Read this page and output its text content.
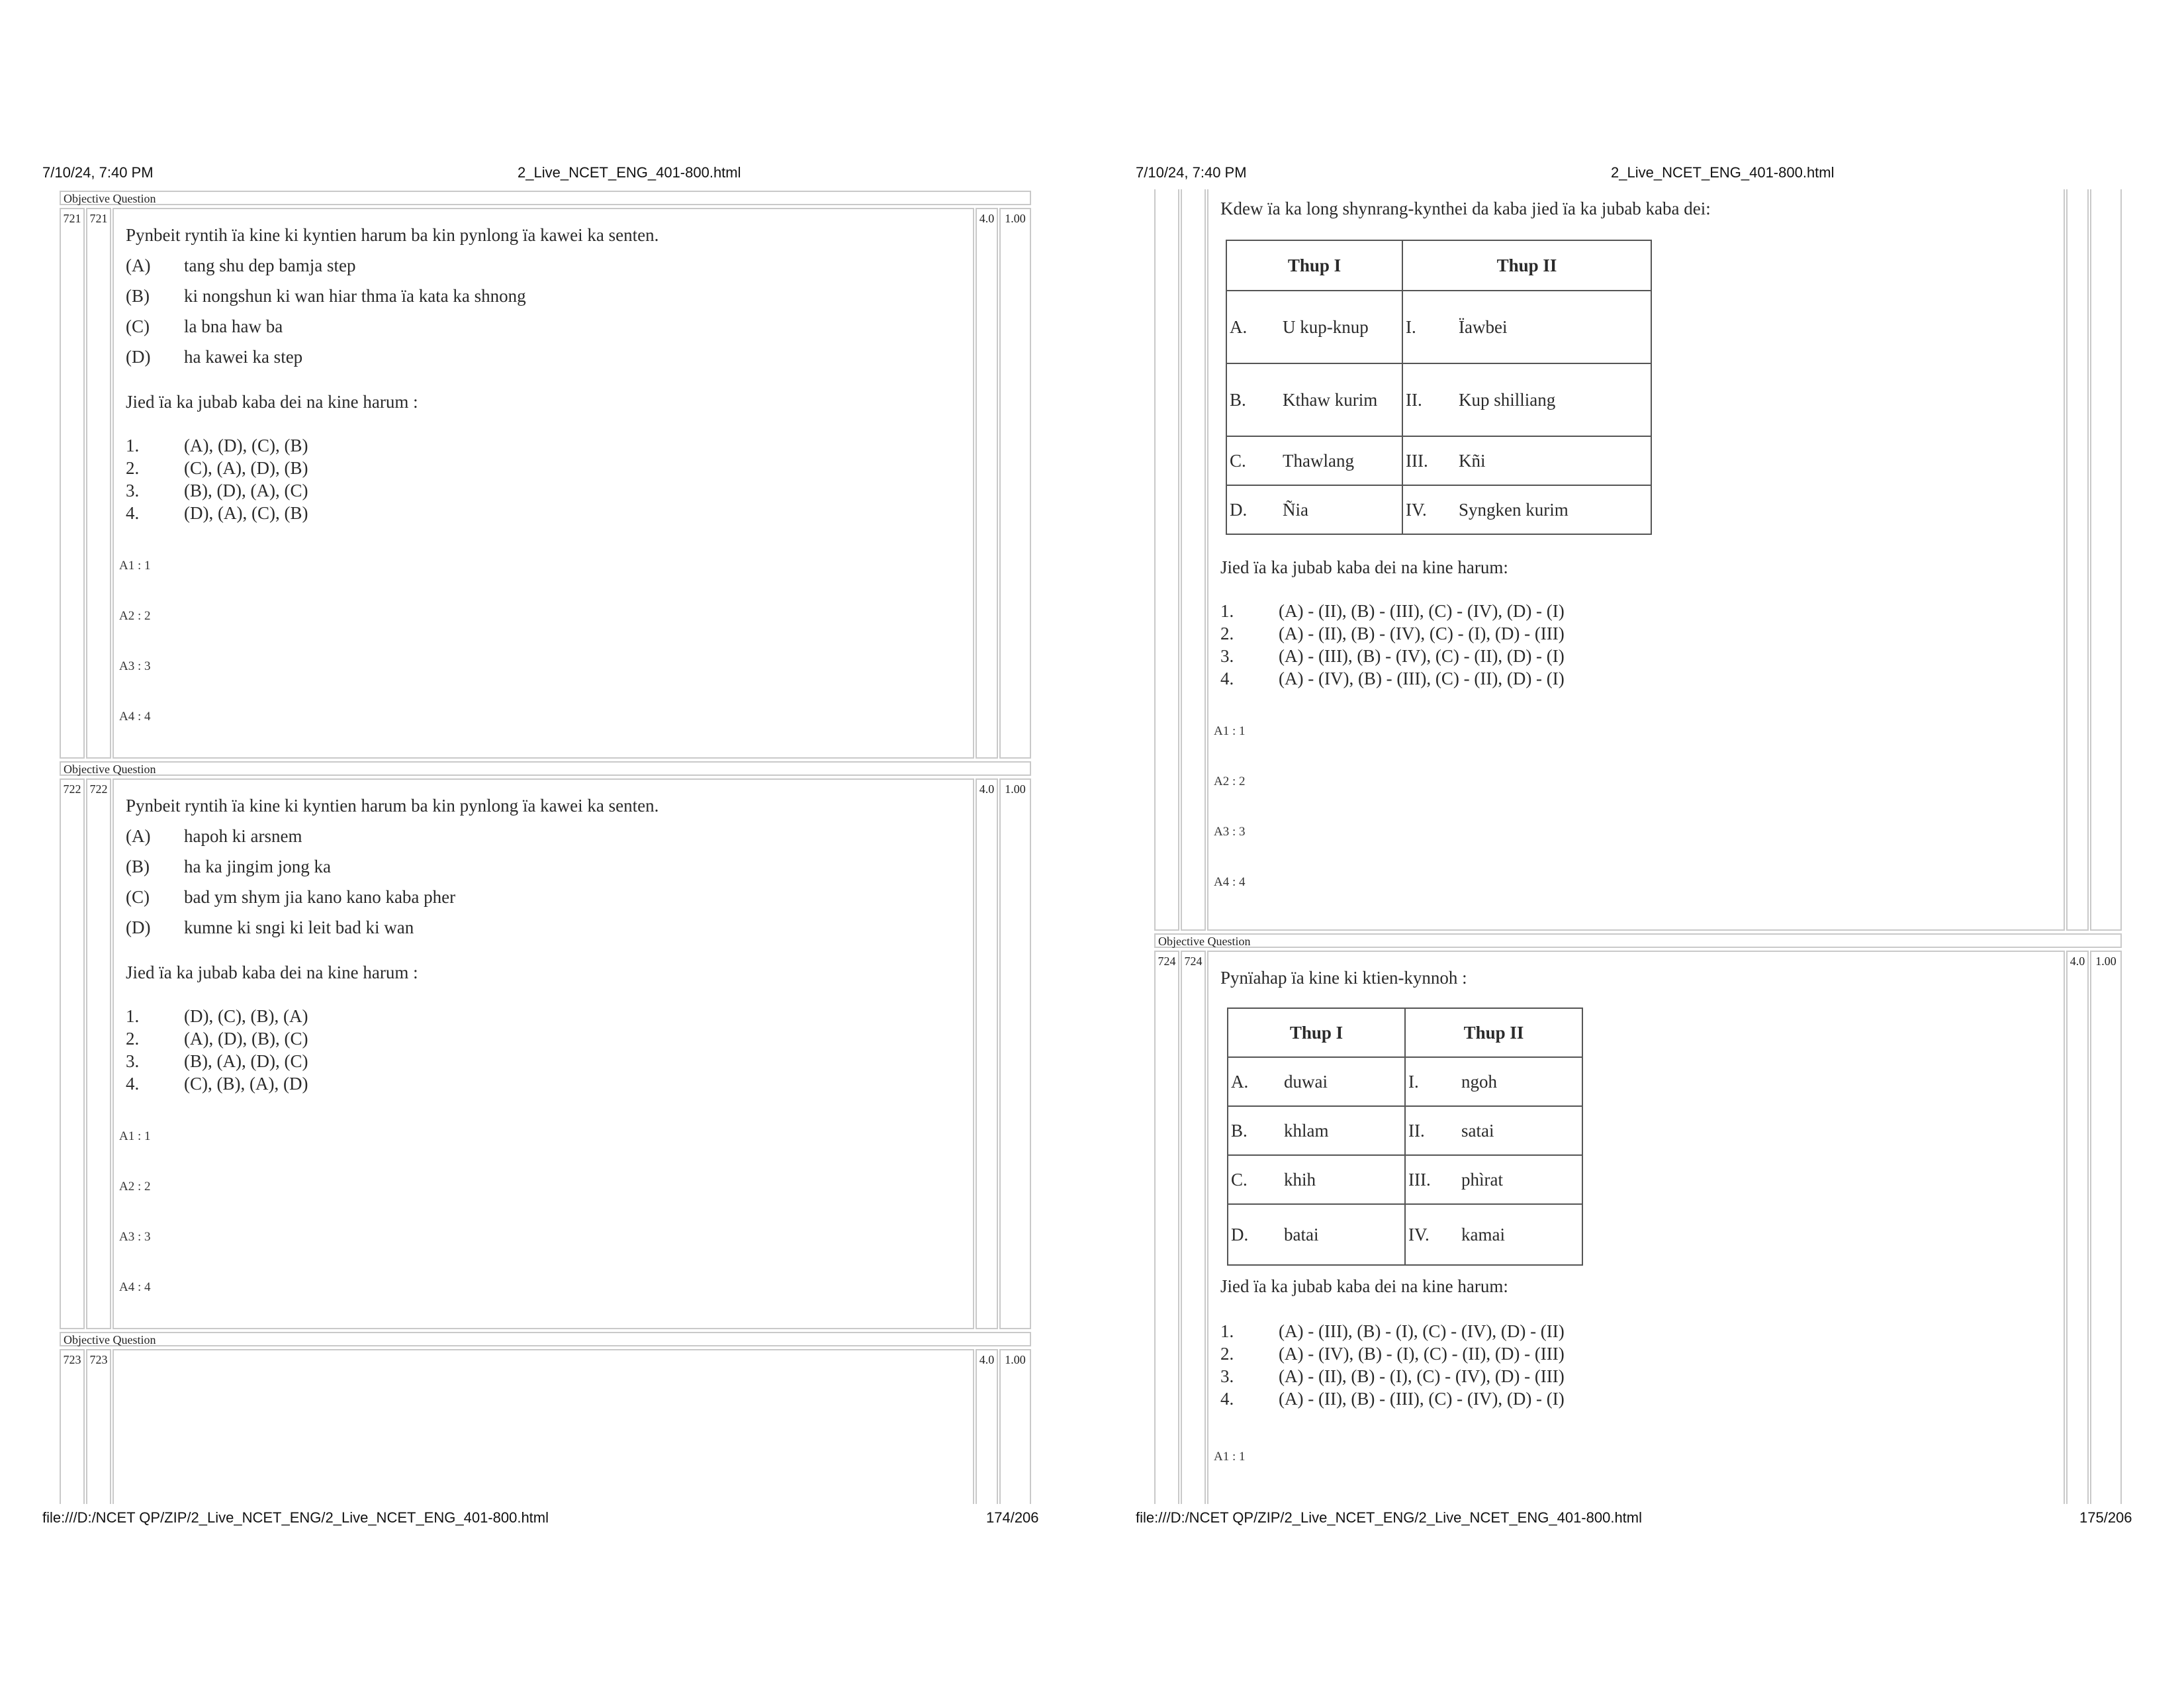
7/10/24, 7:40 PM	2_Live_NCET_ENG_401-800.html
Objective Question
721 721
Pynbeit ryntih ïa kine ki kyntien harum ba kin pynlong ïa kawei ka senten.
(A) tang shu dep bamja step
(B) ki nongshun ki wan hiar thma ïa kata ka shnong
(C) la bna haw ba
(D) ha kawei ka step
Jied ïa ka jubab kaba dei na kine harum :
1.	(A), (D), (C), (B)
2.	(C), (A), (D), (B)
3.	(B), (D), (A), (C)
4.	(D), (A), (C), (B)
A1 : 1
A2 : 2
A3 : 3
A4 : 4
4.0 1.00
Objective Question
722 722
Pynbeit ryntih ïa kine ki kyntien harum ba kin pynlong ïa kawei ka senten.
(A) hapoh ki arsnem
(B) ha ka jingim jong ka
(C) bad ym shym jia kano kano kaba pher
(D) kumne ki sngi ki leit bad ki wan
Jied ïa ka jubab kaba dei na kine harum :
1.	(D), (C), (B), (A)
2.	(A), (D), (B), (C)
3.	(B), (A), (D), (C)
4.	(C), (B), (A), (D)
A1 : 1
A2 : 2
A3 : 3
A4 : 4
4.0 1.00
Objective Question
723 723	4.0 1.00
file:///D:/NCET QP/ZIP/2_Live_NCET_ENG/2_Live_NCET_ENG_401-800.html	174/206
7/10/24, 7:40 PM	2_Live_NCET_ENG_401-800.html
Kdew ïa ka long shynrang-kynthei da kaba jied ïa ka jubab kaba dei:
Thup I	Thup II
A. U kup-knup	I. Ïawbei
B. Kthaw kurim	II. Kup shilliang
C. Thawlang	III. Kñi
D. Ñia	IV. Syngken kurim
Jied ïa ka jubab kaba dei na kine harum:
1.	(A) - (II), (B) - (III), (C) - (IV), (D) - (I)
2.	(A) - (II), (B) - (IV), (C) - (I), (D) - (III)
3.	(A) - (III), (B) - (IV), (C) - (II), (D) - (I)
4.	(A) - (IV), (B) - (III), (C) - (II), (D) - (I)
A1 : 1
A2 : 2
A3 : 3
A4 : 4
Objective Question
724 724
Pynïahap ïa kine ki ktien-kynnoh :
Thup I	Thup II
A. duwai	I. ngoh
B. khlam	II. satai
C. khih	III. phìrat
D. batai	IV. kamai
Jied ïa ka jubab kaba dei na kine harum:
1.	(A) - (III), (B) - (I), (C) - (IV), (D) - (II)
2.	(A) - (IV), (B) - (I), (C) - (II), (D) - (III)
3.	(A) - (II), (B) - (I), (C) - (IV), (D) - (III)
4.	(A) - (II), (B) - (III), (C) - (IV), (D) - (I)
A1 : 1
4.0 1.00
file:///D:/NCET QP/ZIP/2_Live_NCET_ENG/2_Live_NCET_ENG_401-800.html	175/206
